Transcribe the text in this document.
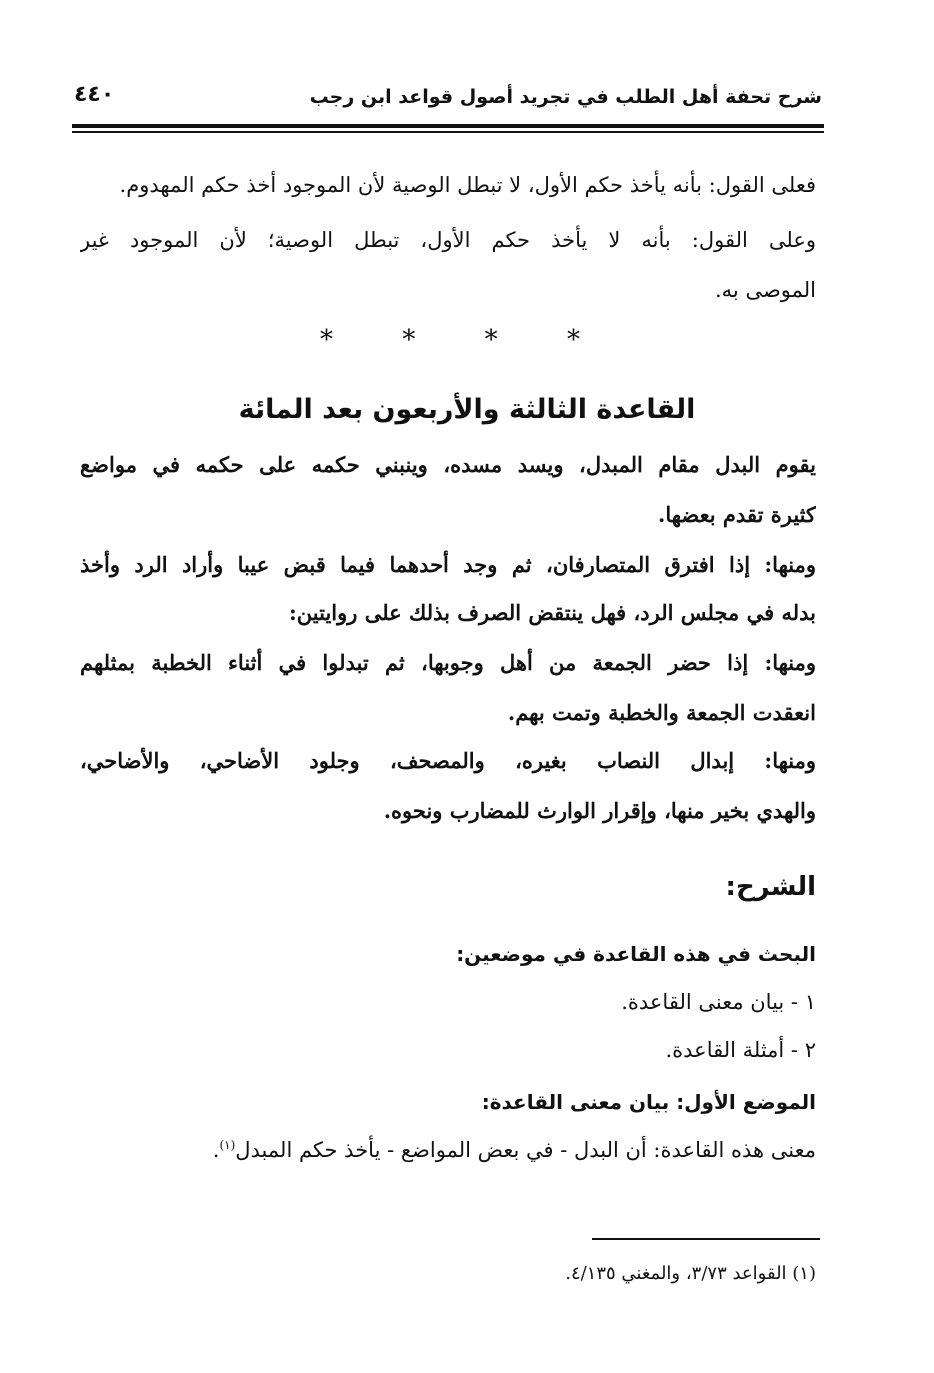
شرح تحفة أهل الطلب في تجريد أصول قواعد ابن رجب
٤٤٠
فعلى القول: بأنه يأخذ حكم الأول، لا تبطل الوصية لأن الموجود أخذ حكم المهدوم.
وعلى القول: بأنه لا يأخذ حكم الأول، تبطل الوصية؛ لأن الموجود غير
الموصى به.
*	*	*	*
القاعدة الثالثة والأربعون بعد المائة
يقوم البدل مقام المبدل، ويسد مسده، وينبني حكمه على حكمه في مواضع
كثيرة تقدم بعضها.
ومنها: إذا افترق المتصارفان، ثم وجد أحدهما فيما قبض عيبا وأراد الرد وأخذ
بدله في مجلس الرد، فهل ينتقض الصرف بذلك على روايتين:
ومنها: إذا حضر الجمعة من أهل وجوبها، ثم تبدلوا في أثناء الخطبة بمثلهم
انعقدت الجمعة والخطبة وتمت بهم.
ومنها: إبدال النصاب بغيره، والمصحف، وجلود الأضاحي، والأضاحي،
والهدي بخير منها، وإقرار الوارث للمضارب ونحوه.
الشرح:
البحث في هذه القاعدة في موضعين:
١ - بيان معنى القاعدة.
٢ - أمثلة القاعدة.
الموضع الأول: بيان معنى القاعدة:
معنى هذه القاعدة: أن البدل - في بعض المواضع - يأخذ حكم المبدل$^{(١)}$.
(١) القواعد ٣/٧٣، والمغني ٤/١٣٥.
